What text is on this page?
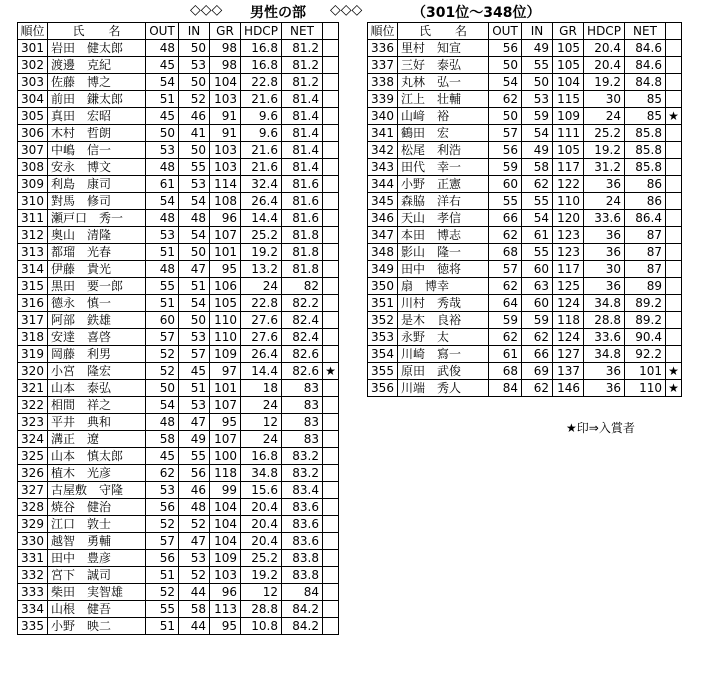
◇◇◇ 男性の部 ◇◇◇	（301位～348位）
順位	氏　　名	OUT	IN	GR	HDCP	NET	
301	岩田　健太郎	48	50	98	16.8	81.2	
302	渡邊　克紀	45	53	98	16.8	81.2	
303	佐藤　博之	54	50	104	22.8	81.2	
304	前田　鎌太郎	51	52	103	21.6	81.4	
305	真田　宏昭	45	46	91	9.6	81.4	
306	木村　哲朗	50	41	91	9.6	81.4	
307	中嶋　信一	53	50	103	21.6	81.4	
308	安永　博文	48	55	103	21.6	81.4	
309	利島　康司	61	53	114	32.4	81.6	
310	對馬　修司	54	54	108	26.4	81.6	
311	瀬戸口　秀一	48	48	96	14.4	81.6	
312	奥山　清隆	53	54	107	25.2	81.8	
313	都瑠　光春	51	50	101	19.2	81.8	
314	伊藤　貴光	48	47	95	13.2	81.8	
315	黒田　要一郎	55	51	106	24	82	
316	德永　慎一	51	54	105	22.8	82.2	
317	阿部　鉄雄	60	50	110	27.6	82.4	
318	安達　喜啓	57	53	110	27.6	82.4	
319	岡藤　利男	52	57	109	26.4	82.6	
320	小宮　隆宏	52	45	97	14.4	82.6	★
321	山本　泰弘	50	51	101	18	83	
322	相間　祥之	54	53	107	24	83	
323	平井　典和	48	47	95	12	83	
324	溝正　遼	58	49	107	24	83	
325	山本　慎太郎	45	55	100	16.8	83.2	
326	植木　光彦	62	56	118	34.8	83.2	
327	古屋敷　守隆	53	46	99	15.6	83.4	
328	焼谷　健治	56	48	104	20.4	83.6	
329	江口　敦士	52	52	104	20.4	83.6	
330	越智　勇輔	57	47	104	20.4	83.6	
331	田中　豊彦	56	53	109	25.2	83.8	
332	宮下　誠司	51	52	103	19.2	83.8	
333	柴田　実智雄	52	44	96	12	84	
334	山根　健吾	55	58	113	28.8	84.2	
335	小野　映二	51	44	95	10.8	84.2	
順位	氏　　名	OUT	IN	GR	HDCP	NET	
336	里村　知宣	56	49	105	20.4	84.6	
337	三好　泰弘	50	55	105	20.4	84.6	
338	丸林　弘一	54	50	104	19.2	84.8	
339	江上　壮輔	62	53	115	30	85	
340	山﨑　裕	50	59	109	24	85	★
341	鶴田　宏	57	54	111	25.2	85.8	
342	松尾　利浩	56	49	105	19.2	85.8	
343	田代　幸一	59	58	117	31.2	85.8	
344	小野　正憲	60	62	122	36	86	
345	森脇　洋右	55	55	110	24	86	
346	天山　孝信	66	54	120	33.6	86.4	
347	本田　博志	62	61	123	36	87	
348	影山　隆一	68	55	123	36	87	
349	田中　徳将	57	60	117	30	87	
350	扇　博幸	62	63	125	36	89	
351	川村　秀哉	64	60	124	34.8	89.2	
352	是木　良裕	59	59	118	28.8	89.2	
353	永野　太	62	62	124	33.6	90.4	
354	川崎　寫一	61	66	127	34.8	92.2	
355	原田　武俊	68	69	137	36	101	★
356	川端　秀人	84	62	146	36	110	★
★印⇒入賞者
